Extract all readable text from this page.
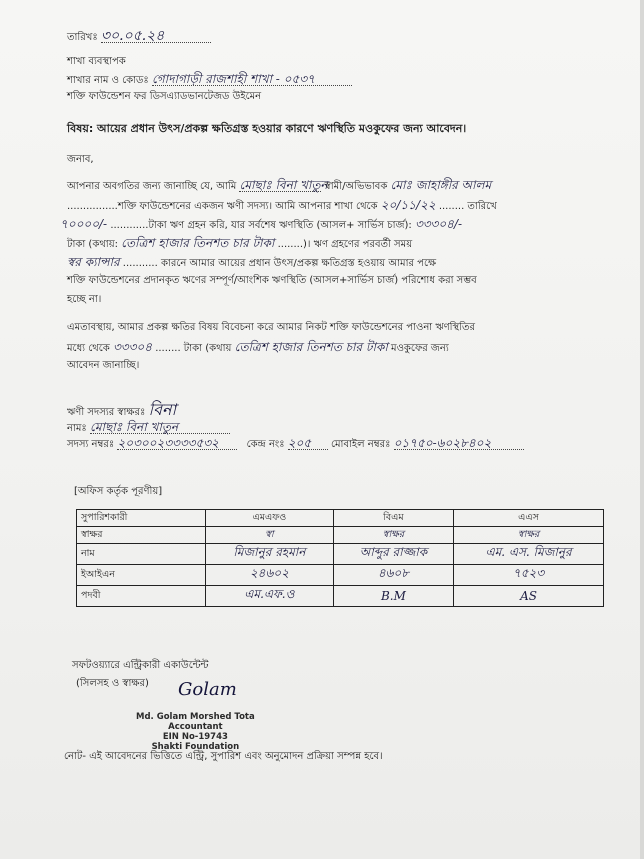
তারিখঃ ৩০.০৫.২৪
শাখা ব্যবস্থাপক
শাখার নাম ও কোডঃ গোদাগাড়ী রাজশাহী শাখা - ০৫৩৭
শক্তি ফাউন্ডেশন ফর ডিসএ্যাডভানটেজড উইমেন
বিষয়: আয়ের প্রধান উৎস/প্রকল্প ক্ষতিগ্রস্ত হওয়ার কারণে ঋণস্থিতি মওকুফের জন্য আবেদন।
জনাব,
আপনার অবগতির জন্য জানাচ্ছি যে, আমি মোছাঃ বিনা খাতুন স্বামী/অভিভাবক মোঃ জাহাঙ্গীর আলম
................শক্তি ফাউন্ডেশনের একজন ঋণী সদস্য। আমি আপনার শাখা থেকে ২০/১১/২২ ........ তারিখে
৭০০০০/- ............টাকা ঋণ গ্রহন করি, যার সর্বশেষ ঋণস্থিতি (আসল+ সার্ভিস চার্জ): ৩৩৩০৪/-
টাকা (কথায়: তেত্রিশ হাজার তিনশত চার টাকা ........)। ঋণ গ্রহণের পরবর্তী সময়
স্বর ক্যান্সার ........... কারনে আমার আয়ের প্রধান উৎস/প্রকল্প ক্ষতিগ্রস্ত হওয়ায় আমার পক্ষে
শক্তি ফাউন্ডেশনের প্রদানকৃত ঋণের সম্পূর্ণ/আংশিক ঋণস্থিতি (আসল+সার্ভিস চার্জ) পরিশোধ করা সম্ভব
হচ্ছে না।
এমতাবস্থায়, আমার প্রকল্প ক্ষতির বিষয় বিবেচনা করে আমার নিকট শক্তি ফাউন্ডেশনের পাওনা ঋণস্থিতির
মধ্যে থেকে ৩৩৩০৪ ........ টাকা (কথায় তেত্রিশ হাজার তিনশত চার টাকা মওকুফের জন্য
আবেদন জানাচ্ছি।
ঋণী সদস্যর স্বাক্ষরঃ বিনা
নামঃ মোছাঃ বিনা খাতুন
সদস্য নম্বরঃ ২০৩০০২৩৩৩৩৫৩২	কেন্দ্র নংঃ ২০৫ মোবাইল নম্বরঃ ০১৭৫০-৬০২৮৪০২
[অফিস কর্তৃক পূরণীয়]
সুপারিশকারী	এমএফও	বিএম	এএস
স্বাক্ষর	স্বা	স্বাক্ষর	স্বাক্ষর
নাম	মিজানুর রহমান	আব্দুর রাজ্জাক	এম. এস. মিজানুর
ইআইএন	২৪৬০২	৪৬০৮	৭৫২৩
পদবী	এম.এফ.ও	B.M	AS
সফটওয়্যারে এন্ট্রিকারী একাউন্টেন্ট
(সিলসহ ও স্বাক্ষর) Golam
Md. Golam Morshed Tota
Accountant
EIN No-19743
Shakti Foundation
নোট- এই আবেদনের ভিত্তিতে এন্ট্রি, সুপারিশ এবং অনুমোদন প্রক্রিয়া সম্পন্ন হবে।
